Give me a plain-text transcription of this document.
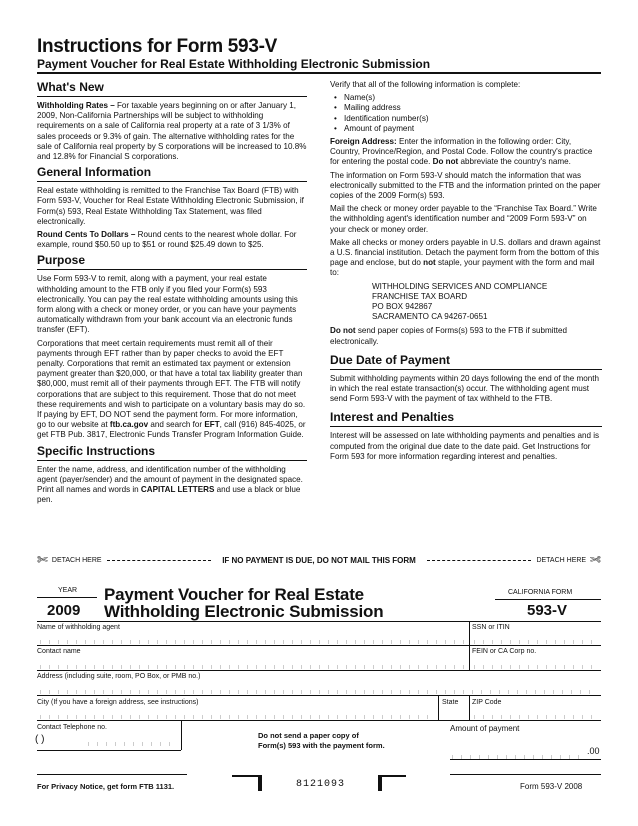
Instructions for Form 593-V
Payment Voucher for Real Estate Withholding Electronic Submission
What's New

Withholding Rates – For taxable years beginning on or after January 1, 2009, Non-California Partnerships will be subject to withholding requirements on a sale of California real property at a rate of 3 1/3% of sales proceeds or 9.3% of gain. The alternative withholding rates for the sale of California real property by S corporations will be increased to 10.8% and 12.8% for Financial S corporations.

General Information

Real estate withholding is remitted to the Franchise Tax Board (FTB) with Form 593-V, Voucher for Real Estate Withholding Electronic Submission, if Form(s) 593, Real Estate Withholding Tax Statement, was filed electronically.

Round Cents To Dollars – Round cents to the nearest whole dollar. For example, round $50.50 up to $51 or round $25.49 down to $25.

Purpose

Use Form 593-V to remit, along with a payment, your real estate withholding amount to the FTB only if you filed your Form(s) 593 electronically. You can pay the real estate withholding amounts using this form along with a check or money order, or you can have your payments automatically withdrawn from your bank account via an electronic funds transfer (EFT).

Corporations that meet certain requirements must remit all of their payments through EFT rather than by paper checks to avoid the EFT penalty. Corporations that remit an estimated tax payment or extension payment greater than $20,000, or that have a total tax liability greater than $80,000, must remit all of their payments through EFT. The FTB will notify corporations that are subject to this requirement. Those that do not meet these requirements and wish to participate on a voluntary basis may do so. If paying by EFT, DO NOT send the payment form. For more information, go to our website at ftb.ca.gov and search for EFT, call (916) 845-4025, or get FTB Pub. 3817, Electronic Funds Transfer Program Information Guide.

Specific Instructions

Enter the name, address, and identification number of the withholding agent (payer/sender) and the amount of payment in the designated space. Print all names and words in CAPITAL LETTERS and use a black or blue pen.

Verify that all of the following information is complete:

• Name(s)
• Mailing address
• Identification number(s)
• Amount of payment

Foreign Address: Enter the information in the following order: City, Country, Province/Region, and Postal Code. Follow the country's practice for entering the postal code. Do not abbreviate the country's name.

The information on Form 593-V should match the information that was electronically submitted to the FTB and the information printed on the paper copies of the 2009 Form(s) 593.

Mail the check or money order payable to the “Franchise Tax Board.” Write the withholding agent's identification number and “2009 Form 593-V” on your check or money order.

Make all checks or money orders payable in U.S. dollars and drawn against a U.S. financial institution. Detach the payment form from the bottom of this page and enclose, but do not staple, your payment with the form and mail to:

WITHHOLDING SERVICES AND COMPLIANCE
FRANCHISE TAX BOARD
PO BOX 942867
SACRAMENTO CA 94267-0651

Do not send paper copies of Forms(s) 593 to the FTB if submitted electronically.

Due Date of Payment

Submit withholding payments within 20 days following the end of the month in which the real estate transaction(s) occur. The withholding agent must send Form 593-V with the payment of tax withheld to the FTB.

Interest and Penalties

Interest will be assessed on late withholding payments and penalties and is computed from the original due date to the date paid. Get Instructions for Form 593 for more information regarding interest and penalties.

✄ DETACH HERE	IF NO PAYMENT IS DUE, DO NOT MAIL THIS FORM	DETACH HERE ✄
YEAR
2009
Payment Voucher for Real Estate
Withholding Electronic Submission
CALIFORNIA FORM
593-V
Name of withholding agent	SSN or ITIN
Contact name	FEIN or CA Corp no.
Address (including suite, room, PO Box, or PMB no.)
City (If you have a foreign address, see instructions)	State ZIP Code
Contact Telephone no.
( )	Do not send a paper copy of
Form(s) 593 with the payment form.
Amount of payment
.00
For Privacy Notice, get form FTB 1131.	8121093	Form 593-V 2008
